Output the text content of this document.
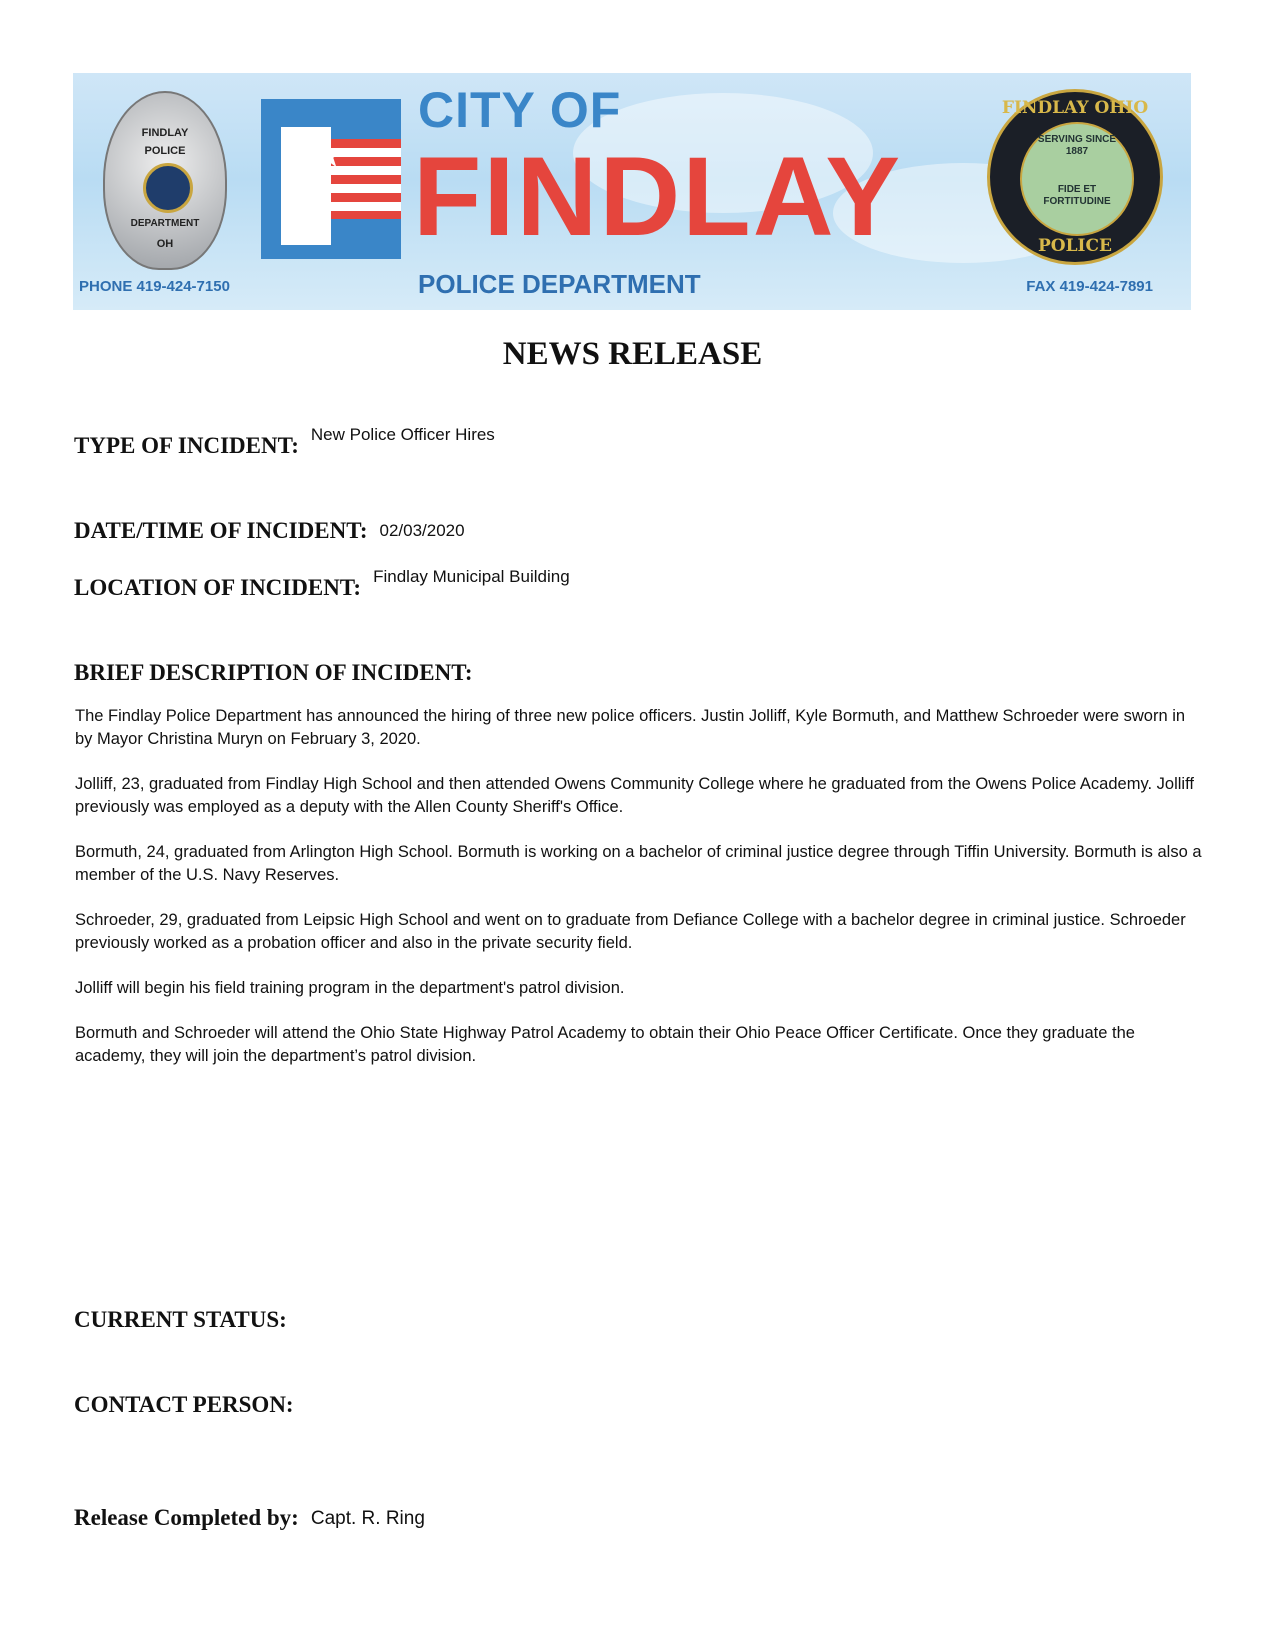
FINDLAY
POLICE
DEPARTMENT
OH
★
CITY OF
FINDLAY
POLICE DEPARTMENT
PHONE 419-424-7150	FAX 419-424-7891
FINDLAY OHIO
SERVING SINCE 1887
FIDE ET FORTITUDINE
POLICE
NEWS RELEASE
TYPE OF INCIDENT: New Police Officer Hires
DATE/TIME OF INCIDENT: 02/03/2020
LOCATION OF INCIDENT: Findlay Municipal Building
BRIEF DESCRIPTION OF INCIDENT:

The Findlay Police Department has announced the hiring of three new police officers. Justin Jolliff, Kyle Bormuth, and Matthew Schroeder were sworn in by Mayor Christina Muryn on February 3, 2020.

Jolliff, 23, graduated from Findlay High School and then attended Owens Community College where he graduated from the Owens Police Academy. Jolliff previously was employed as a deputy with the Allen County Sheriff's Office.

Bormuth, 24, graduated from Arlington High School. Bormuth is working on a bachelor of criminal justice degree through Tiffin University. Bormuth is also a member of the U.S. Navy Reserves.

Schroeder, 29, graduated from Leipsic High School and went on to graduate from Defiance College with a bachelor degree in criminal justice. Schroeder previously worked as a probation officer and also in the private security field.

Jolliff will begin his field training program in the department's patrol division.

Bormuth and Schroeder will attend the Ohio State Highway Patrol Academy to obtain their Ohio Peace Officer Certificate. Once they graduate the academy, they will join the department’s patrol division.

CURRENT STATUS:
CONTACT PERSON:
Release Completed by: Capt. R. Ring
